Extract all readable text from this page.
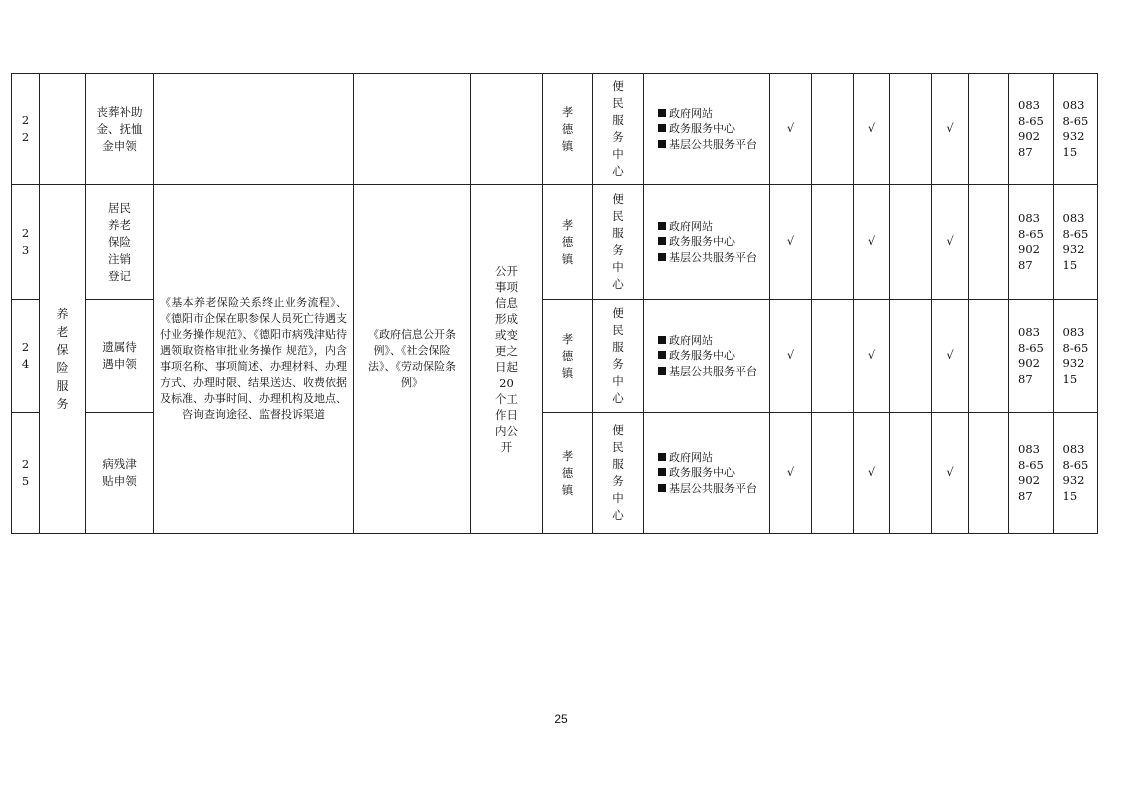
22		丧葬补助金、抚恤金申领				孝德镇	便民服务中心	政府网站
政务服务中心
基层公共服务平台	√		√		√		0838-6590287	0838-6593215
23	养老保险服务	居民养老保险注销登记	《基本养老保险关系终止业务流程》、《德阳市企保在职参保人员死亡待遇支付业务操作规范》、《德阳市病残津贴待遇领取资格审批业务操作 规范》，内含事项名称、事项简述、办理材料、办理方式、办理时限、结果送达、收费依据及标准、办事时间、办理机构及地点、咨询查询途径、监督投诉渠道	《政府信息公开条例》、《社会保险法》、《劳动保险条例》	公开事项信息形成或变更之日起20个工作日内公开	孝德镇	便民服务中心	政府网站
政务服务中心
基层公共服务平台	√		√		√		0838-6590287	0838-6593215
24		遗属待遇申领				孝德镇	便民服务中心	政府网站
政务服务中心
基层公共服务平台	√		√		√		0838-6590287	0838-6593215
25		病残津贴申领				孝德镇	便民服务中心	政府网站
政务服务中心
基层公共服务平台	√		√		√		0838-6590287	0838-6593215
25
